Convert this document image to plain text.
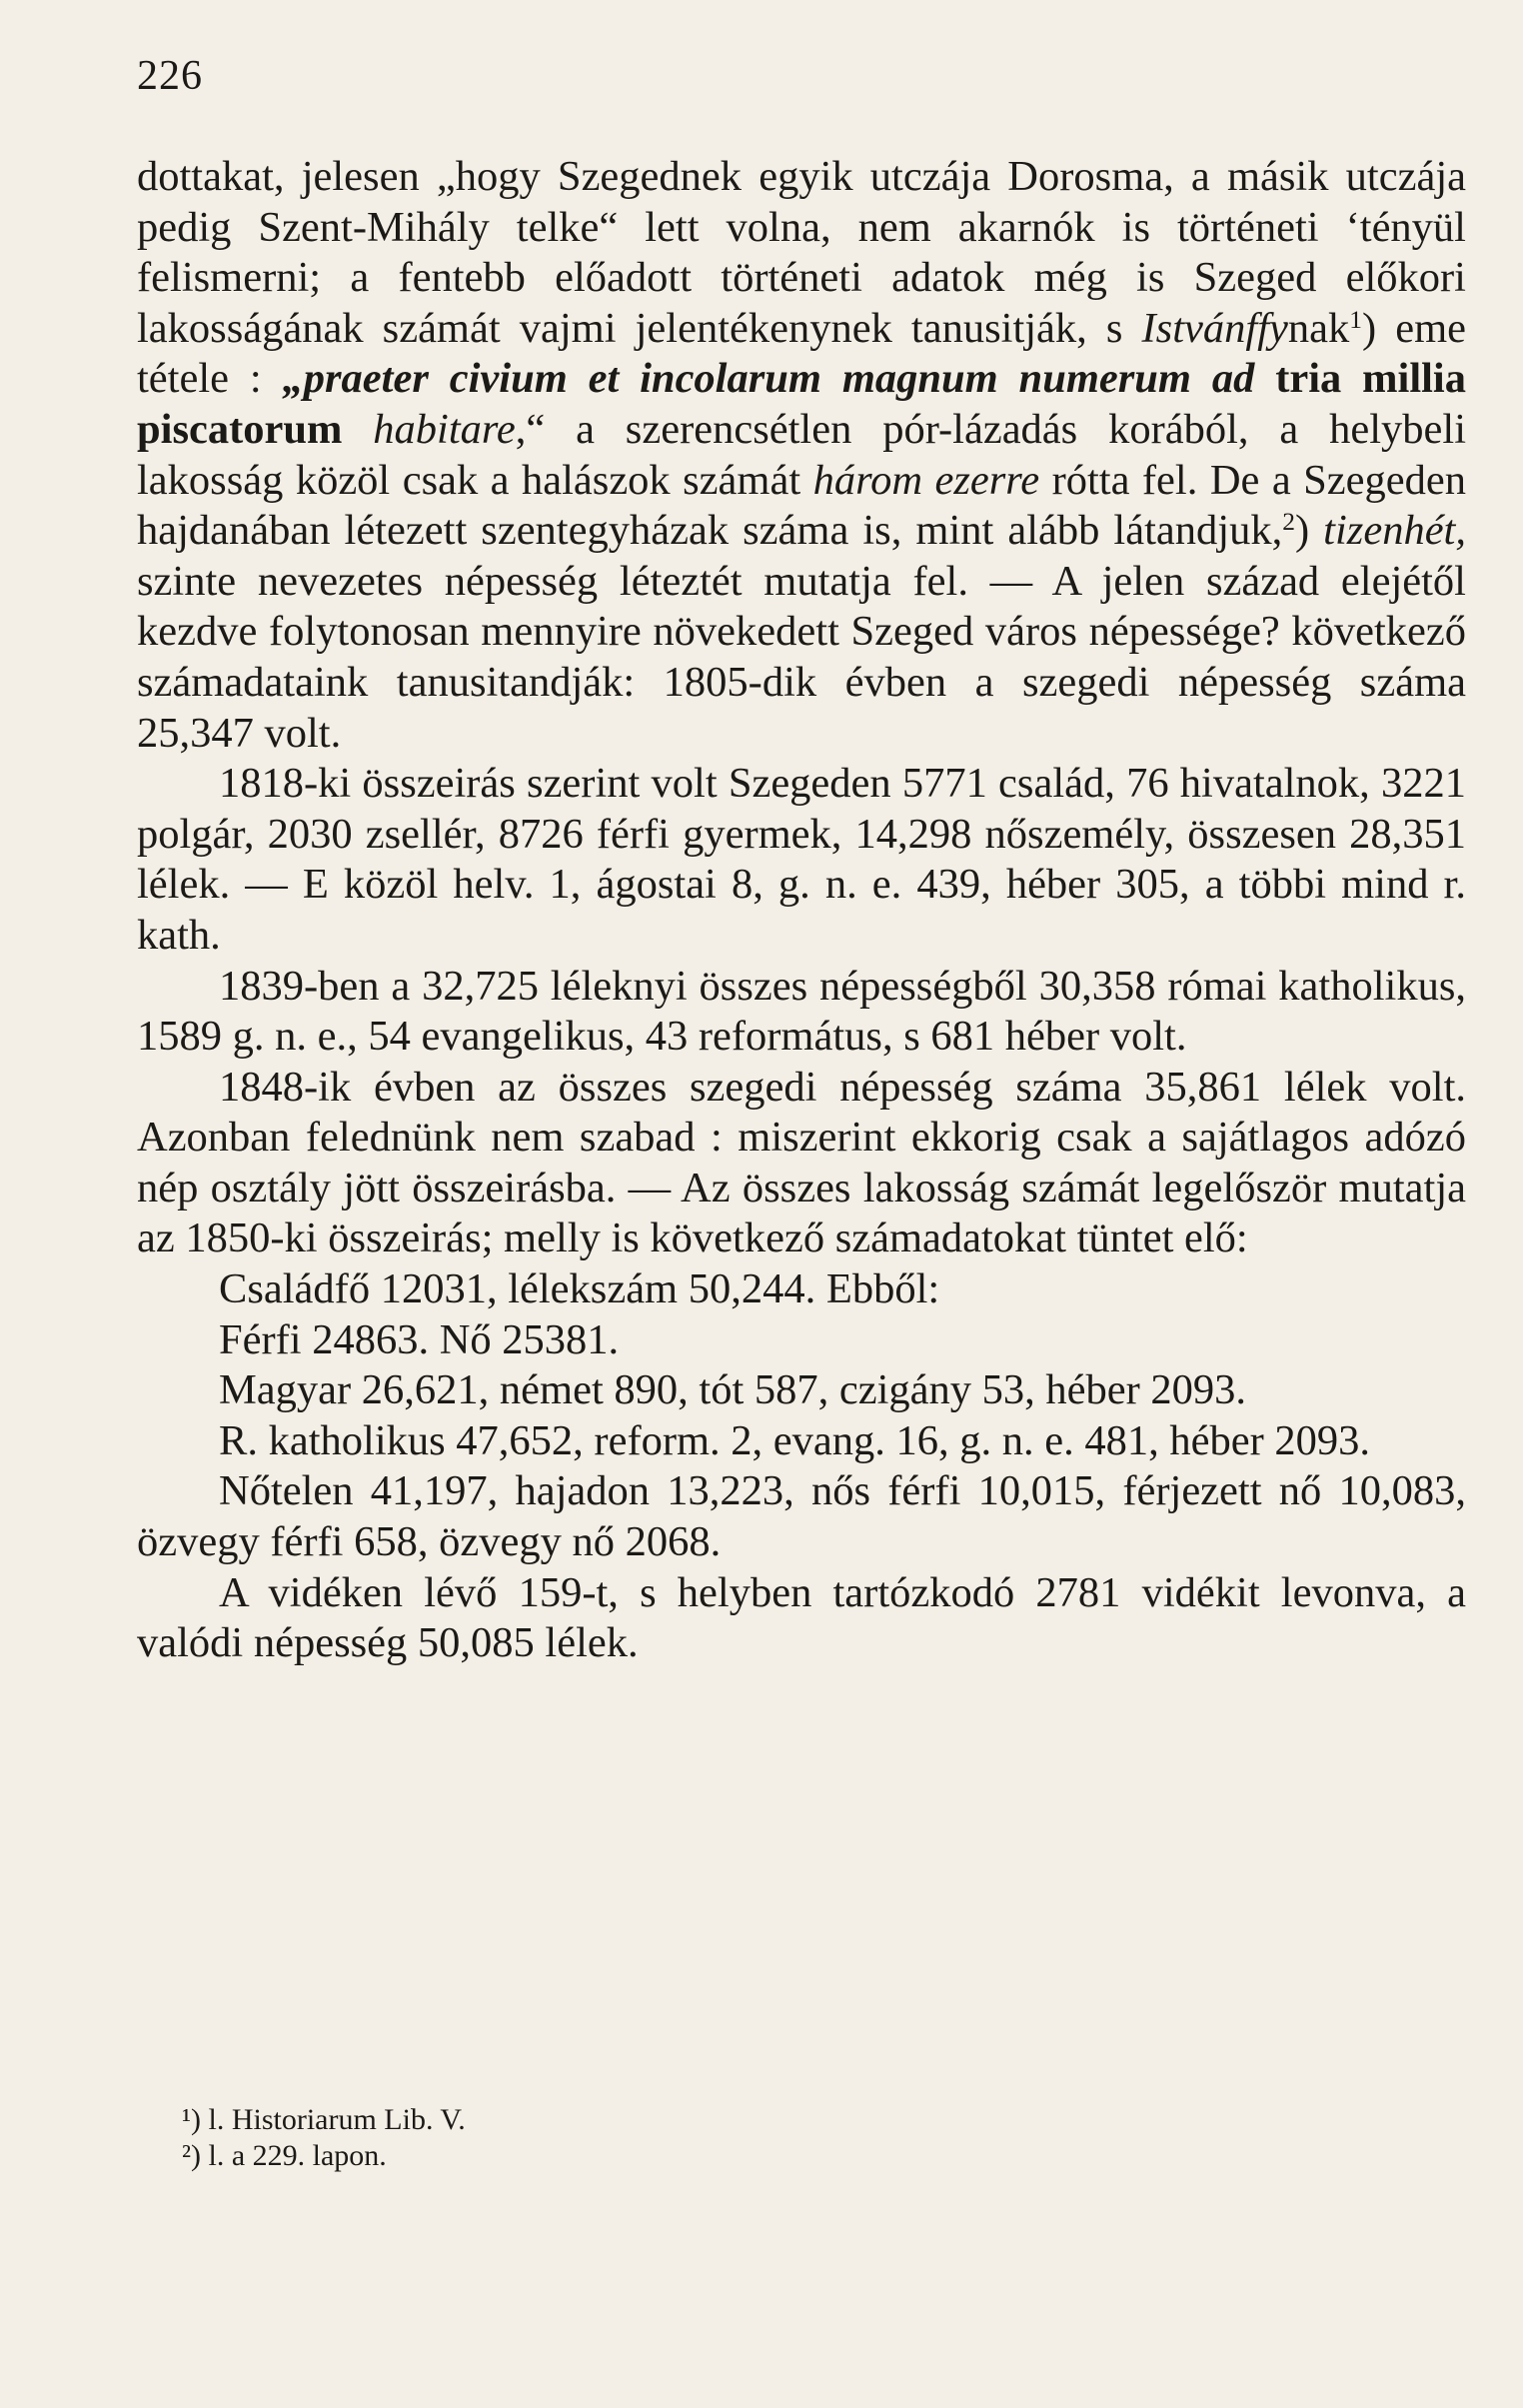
226

dottakat, jelesen „hogy Szegednek egyik utczája Dorosma, a másik utczája pedig Szent-Mihály telke“ lett volna, nem akarnók is történeti ‘tényül felismerni; a fentebb előadott történeti adatok még is Szeged előkori lakosságának számát vajmi jelentékenynek tanusitják, s Istvánffynak$^1$) eme tétele : „praeter civium et incolarum magnum numerum ad tria millia piscatorum habitare,“ a szerencsétlen pór-lázadás korából, a helybeli lakosság közöl csak a halászok számát három ezerre rótta fel. De a Szegeden hajdanában létezett szentegyházak száma is, mint alább látandjuk,$^2$) tizenhét, szinte nevezetes népesség léteztét mutatja fel. — A jelen század elejétől kezdve folytonosan mennyire növekedett Szeged város népessége? következő számadataink tanusitandják: 1805-dik évben a szegedi népesség száma 25,347 volt.

1818-ki összeirás szerint volt Szegeden 5771 család, 76 hivatalnok, 3221 polgár, 2030 zsellér, 8726 férfi gyermek, 14,298 nőszemély, összesen 28,351 lélek. — E közöl helv. 1, ágostai 8, g. n. e. 439, héber 305, a többi mind r. kath.

1839-ben a 32,725 léleknyi összes népességből 30,358 római katholikus, 1589 g. n. e., 54 evangelikus, 43 református, s 681 héber volt.

1848-ik évben az összes szegedi népesség száma 35,861 lélek volt. Azonban felednünk nem szabad : miszerint ekkorig csak a sajátlagos adózó nép osztály jött összeirásba. — Az összes lakosság számát legelőször mutatja az 1850-ki összeirás; melly is következő számadatokat tüntet elő:

Családfő 12031, lélekszám 50,244. Ebből:

Férfi 24863. Nő 25381.

Magyar 26,621, német 890, tót 587, czigány 53, héber 2093.

R. katholikus 47,652, reform. 2, evang. 16, g. n. e. 481, héber 2093.

Nőtelen 41,197, hajadon 13,223, nős férfi 10,015, férjezett nő 10,083, özvegy férfi 658, özvegy nő 2068.

A vidéken lévő 159-t, s helyben tartózkodó 2781 vidékit levonva, a valódi népesség 50,085 lélek.

¹) l. Historiarum Lib. V.
²) l. a 229. lapon.
